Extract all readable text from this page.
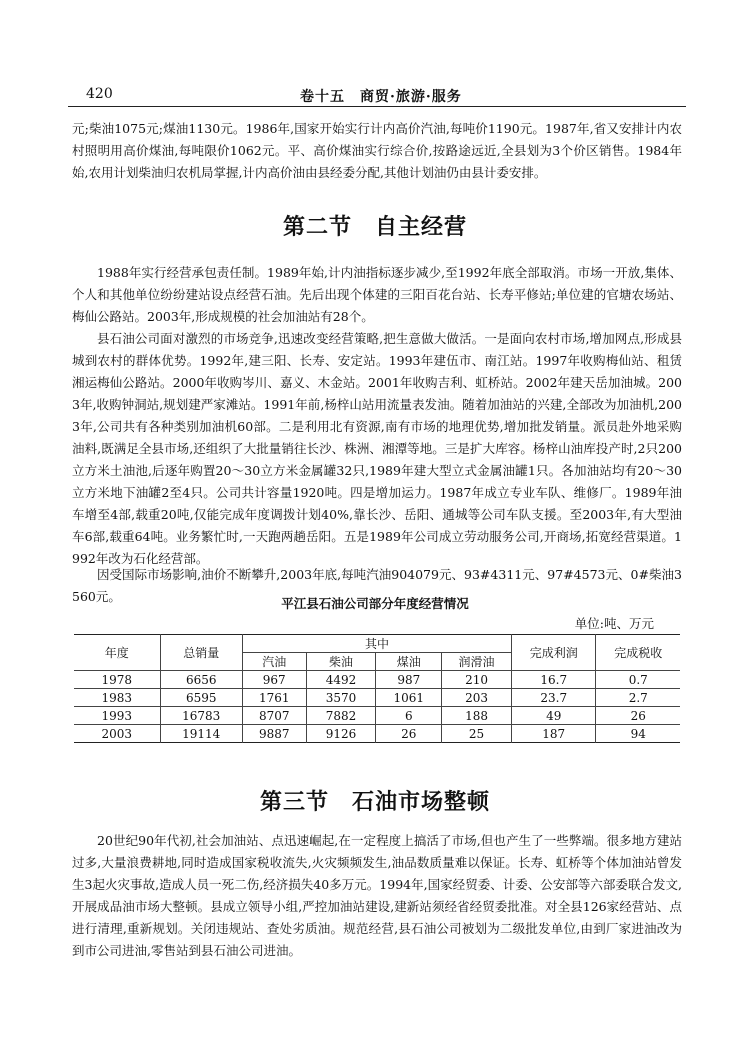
420	卷十五　商贸·旅游·服务

元;柴油1075元;煤油1130元。1986年,国家开始实行计内高价汽油,每吨价1190元。1987年,省又安排计内农村照明用高价煤油,每吨限价1062元。平、高价煤油实行综合价,按路途远近,全县划为3个价区销售。1984年始,农用计划柴油归农机局掌握,计内高价油由县经委分配,其他计划油仍由县计委安排。

第二节　自主经营

1988年实行经营承包责任制。1989年始,计内油指标逐步减少,至1992年底全部取消。市场一开放,集体、个人和其他单位纷纷建站设点经营石油。先后出现个体建的三阳百花台站、长寿平修站;单位建的官塘农场站、梅仙公路站。2003年,形成规模的社会加油站有28个。

县石油公司面对激烈的市场竞争,迅速改变经营策略,把生意做大做活。一是面向农村市场,增加网点,形成县城到农村的群体优势。1992年,建三阳、长寿、安定站。1993年建伍市、南江站。1997年收购梅仙站、租赁湘运梅仙公路站。2000年收购岑川、嘉义、木金站。2001年收购吉利、虹桥站。2002年建天岳加油城。2003年,收购钟洞站,规划建严家滩站。1991年前,杨梓山站用流量表发油。随着加油站的兴建,全部改为加油机,2003年,公司共有各种类别加油机60部。二是利用北有资源,南有市场的地理优势,增加批发销量。派员赴外地采购油料,既满足全县市场,还组织了大批量销往长沙、株洲、湘潭等地。三是扩大库容。杨梓山油库投产时,2只200立方米土油池,后逐年购置20～30立方米金属罐32只,1989年建大型立式金属油罐1只。各加油站均有20～30立方米地下油罐2至4只。公司共计容量1920吨。四是增加运力。1987年成立专业车队、维修厂。1989年油车增至4部,载重20吨,仅能完成年度调拨计划40%,靠长沙、岳阳、通城等公司车队支援。至2003年,有大型油车6部,载重64吨。业务繁忙时,一天跑两趟岳阳。五是1989年公司成立劳动服务公司,开商场,拓宽经营渠道。1992年改为石化经营部。

因受国际市场影响,油价不断攀升,2003年底,每吨汽油904079元、93#4311元、97#4573元、0#柴油3560元。	平江县石油公司部分年度经营情况
单位:吨、万元
年度	总销量	其中				完成利润	完成税收
		汽油	柴油	煤油	润滑油		
1978	6656	967	4492	987	210	16.7	0.7
1983	6595	1761	3570	1061	203	23.7	2.7
1993	16783	8707	7882	6	188	49	26
2003	19114	9887	9126	26	25	187	94
第三节　石油市场整顿

20世纪90年代初,社会加油站、点迅速崛起,在一定程度上搞活了市场,但也产生了一些弊端。很多地方建站过多,大量浪费耕地,同时造成国家税收流失,火灾频频发生,油品数质量难以保证。长寿、虹桥等个体加油站曾发生3起火灾事故,造成人员一死二伤,经济损失40多万元。1994年,国家经贸委、计委、公安部等六部委联合发文,开展成品油市场大整顿。县成立领导小组,严控加油站建设,建新站须经省经贸委批准。对全县126家经营站、点进行清理,重新规划。关闭违规站、查处劣质油。规范经营,县石油公司被划为二级批发单位,由到厂家进油改为到市公司进油,零售站到县石油公司进油。
